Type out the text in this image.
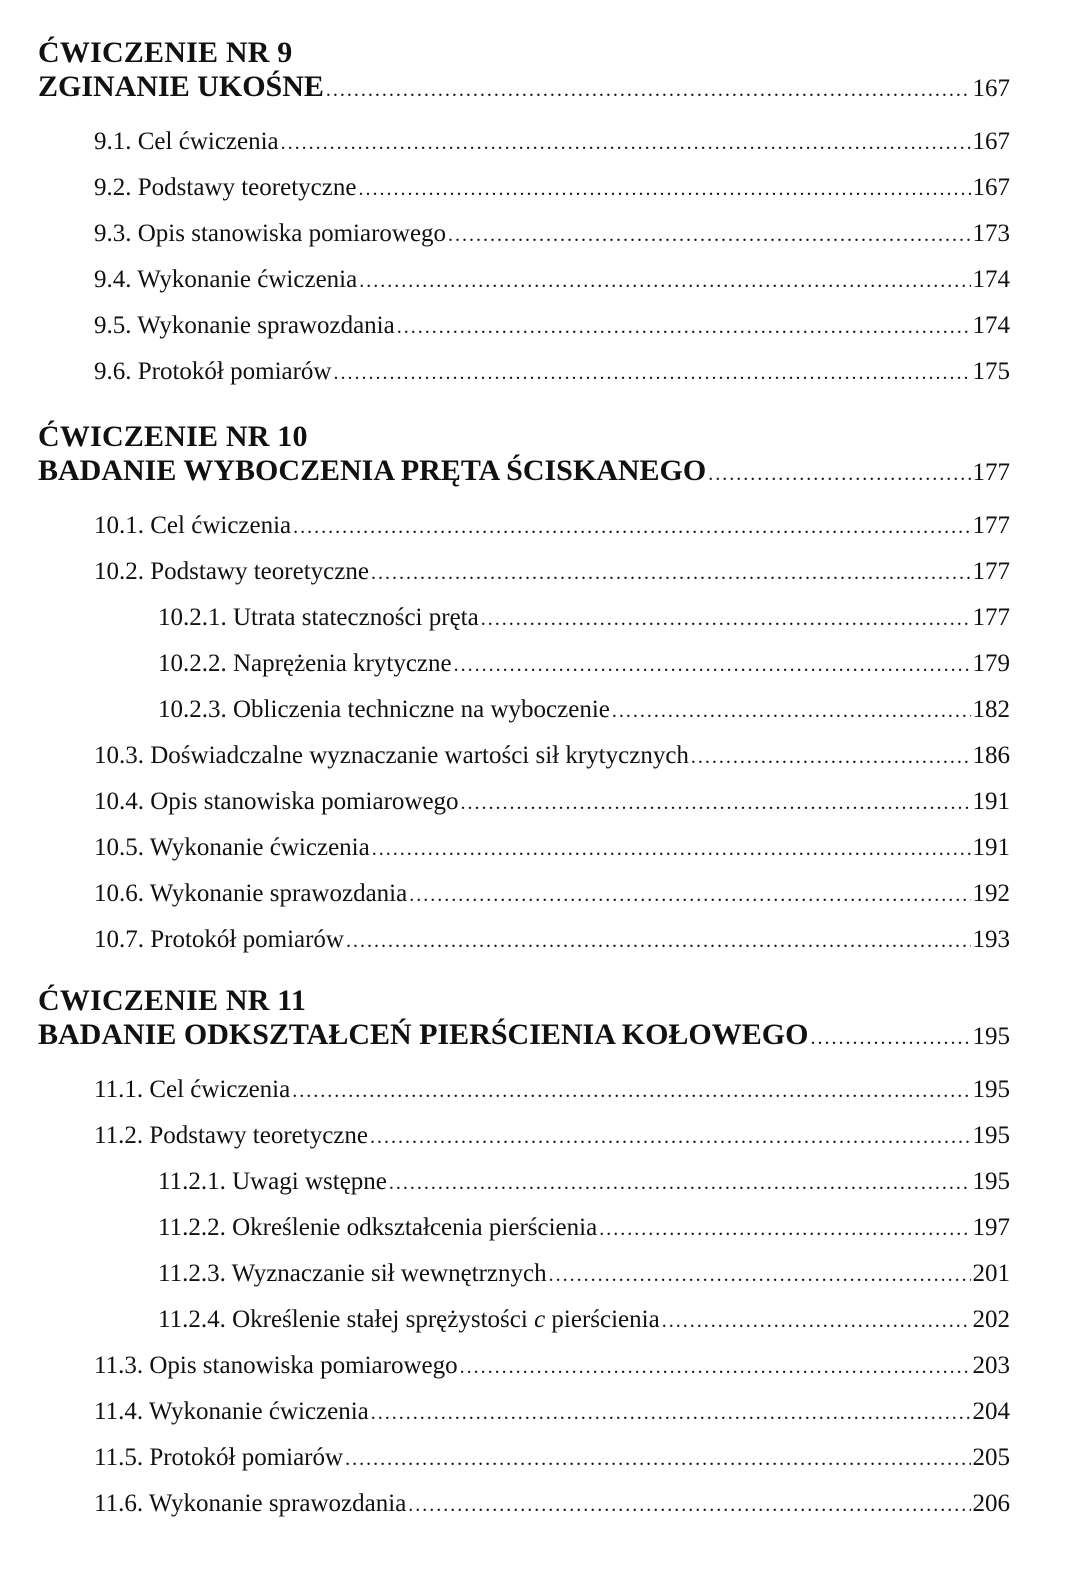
ĆWICZENIE NR 9
ZGINANIE UKOŚNE .....	167
9.1. Cel ćwiczenia .....	167
9.2. Podstawy teoretyczne .....	167
9.3. Opis stanowiska pomiarowego .....	173
9.4. Wykonanie ćwiczenia .....	174
9.5. Wykonanie sprawozdania .....	174
9.6. Protokół pomiarów .....	175
ĆWICZENIE NR 10
BADANIE WYBOCZENIA PRĘTA ŚCISKANEGO .....	177
10.1. Cel ćwiczenia .....	177
10.2. Podstawy teoretyczne .....	177
10.2.1. Utrata stateczności pręta .....	177
10.2.2. Naprężenia krytyczne .....	179
10.2.3. Obliczenia techniczne na wyboczenie .....	182
10.3. Doświadczalne wyznaczanie wartości sił krytycznych .....	186
10.4. Opis stanowiska pomiarowego .....	191
10.5. Wykonanie ćwiczenia .....	191
10.6. Wykonanie sprawozdania .....	192
10.7. Protokół pomiarów .....	193
ĆWICZENIE NR 11
BADANIE ODKSZTAŁCEŃ PIERŚCIENIA KOŁOWEGO .....	195
11.1. Cel ćwiczenia .....	195
11.2. Podstawy teoretyczne .....	195
11.2.1. Uwagi wstępne .....	195
11.2.2. Określenie odkształcenia pierścienia .....	197
11.2.3. Wyznaczanie sił wewnętrznych .....	201
11.2.4. Określenie stałej sprężystości c pierścienia .....	202
11.3. Opis stanowiska pomiarowego .....	203
11.4. Wykonanie ćwiczenia .....	204
11.5. Protokół pomiarów .....	205
11.6. Wykonanie sprawozdania .....	206
